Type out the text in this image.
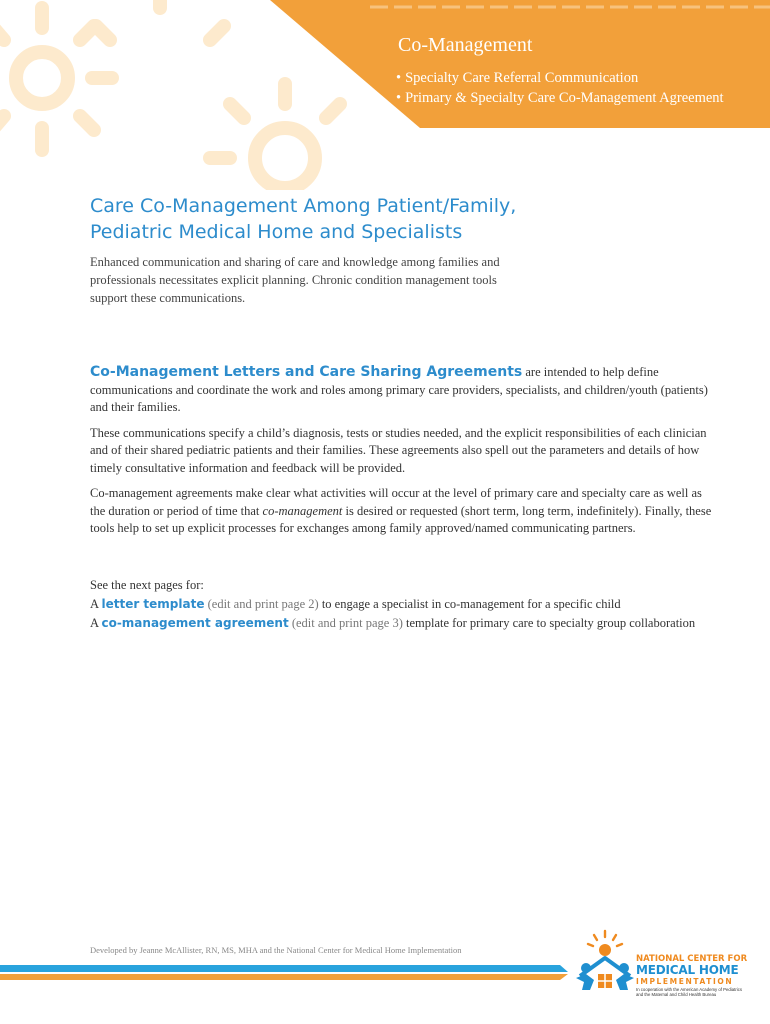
Co-Management
• Specialty Care Referral Communication
• Primary & Specialty Care Co-Management Agreement
Care Co-Management Among Patient/Family,
Pediatric Medical Home and Specialists

Enhanced communication and sharing of care and knowledge among families and professionals necessitates explicit planning. Chronic condition management tools support these communications.

Co-Management Letters and Care Sharing Agreements are intended to help define communications and coordinate the work and roles among primary care providers, specialists, and children/youth (patients) and their families.

These communications specify a child’s diagnosis, tests or studies needed, and the explicit responsibilities of each clinician and of their shared pediatric patients and their families. These agreements also spell out the parameters and details of how timely consultative information and feedback will be provided.

Co-management agreements make clear what activities will occur at the level of primary care and specialty care as well as the duration or period of time that co-management is desired or requested (short term, long term, indefinitely). Finally, these tools help to set up explicit processes for exchanges among family approved/named communicating partners.

See the next pages for:
A letter template (edit and print page 2) to engage a specialist in co-management for a specific child
A co-management agreement (edit and print page 3) template for primary care to specialty group collaboration
Developed by Jeanne McAllister, RN, MS, MHA and the National Center for Medical Home Implementation
NATIONAL CENTER FOR
MEDICAL HOME
IMPLEMENTATION
In cooperation with the American Academy of Pediatrics
and the Maternal and Child Health Bureau
